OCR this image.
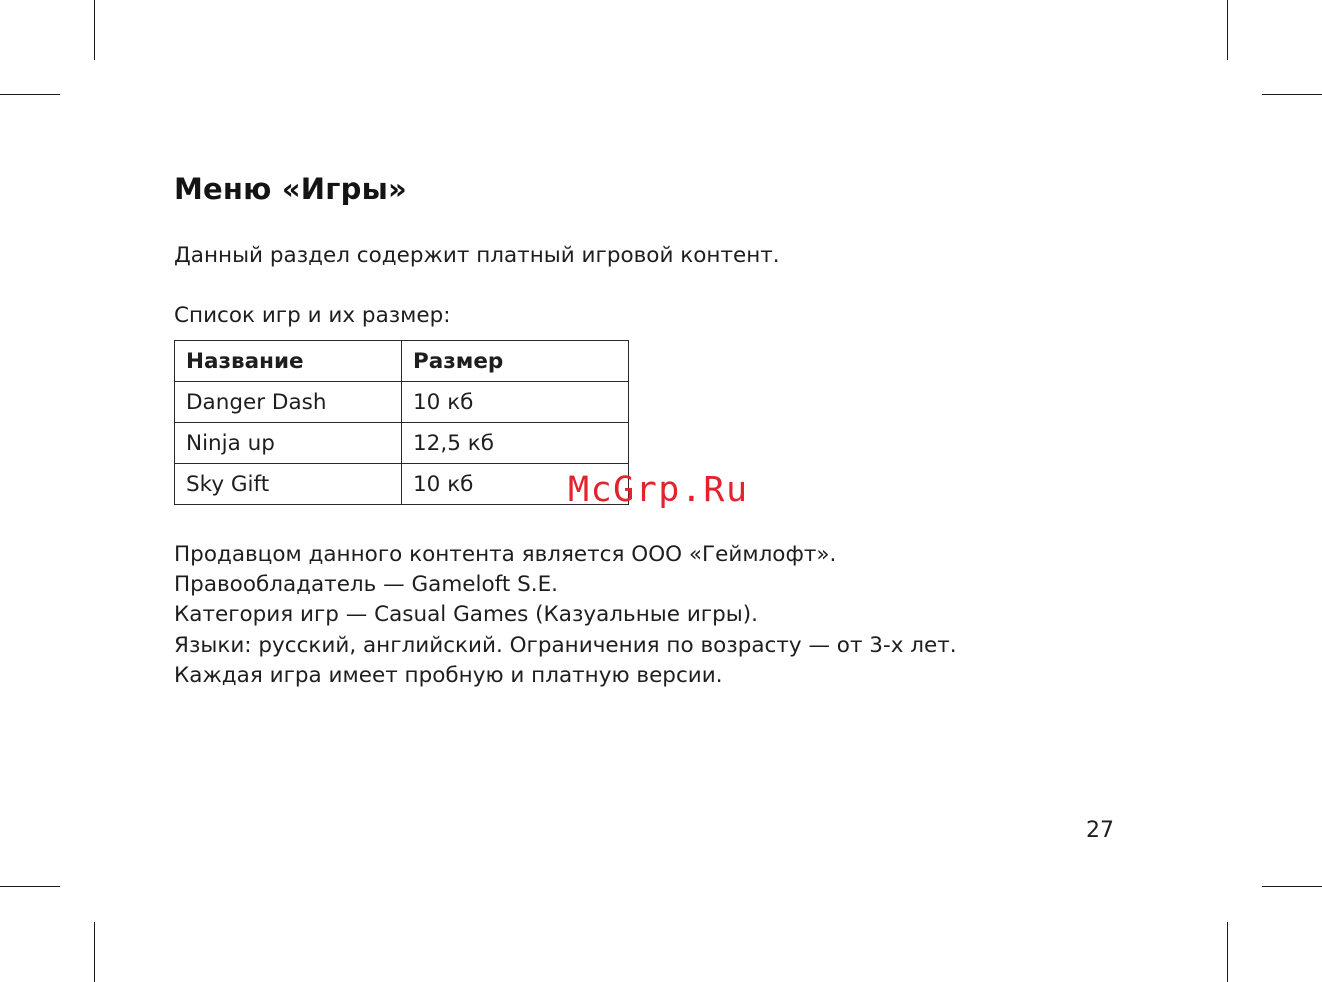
Меню «Игры»

Данный раздел содержит платный игровой контент.

Список игр и их размер:

Название	Размер
Danger Dash	10 кб
Ninja up	12,5 кб
Sky Gift	10 кб
Продавцом данного контента является ООО «Геймлофт».
Правообладатель — Gameloft S.E.
Категория игр — Casual Games (Казуальные игры).
Языки: русский, английский. Ограничения по возрасту — от 3-х лет.
Каждая игра имеет пробную и платную версии.
McGrp.Ru
27
